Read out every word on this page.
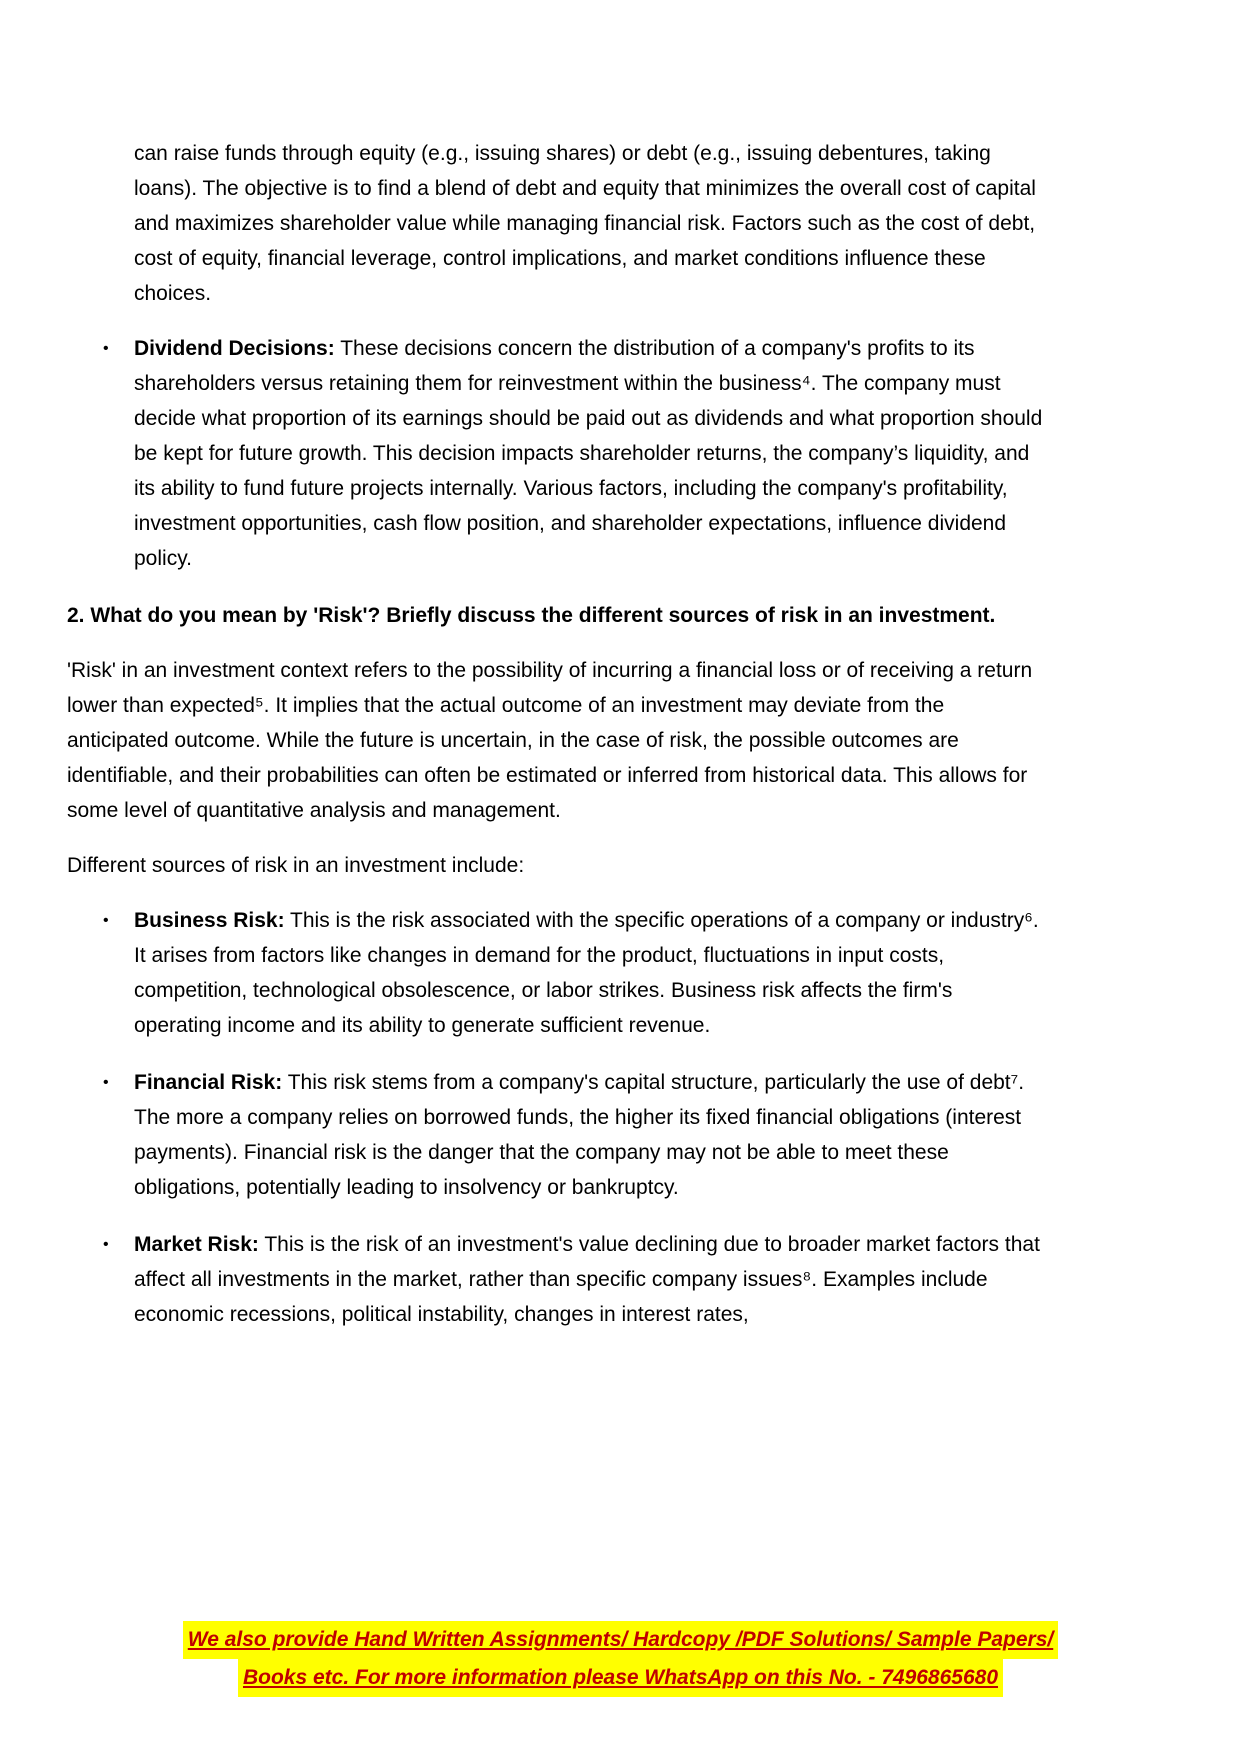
can raise funds through equity (e.g., issuing shares) or debt (e.g., issuing debentures, taking loans). The objective is to find a blend of debt and equity that minimizes the overall cost of capital and maximizes shareholder value while managing financial risk. Factors such as the cost of debt, cost of equity, financial leverage, control implications, and market conditions influence these choices.

• Dividend Decisions: These decisions concern the distribution of a company's profits to its shareholders versus retaining them for reinvestment within the business⁴. The company must decide what proportion of its earnings should be paid out as dividends and what proportion should be kept for future growth. This decision impacts shareholder returns, the company’s liquidity, and its ability to fund future projects internally. Various factors, including the company's profitability, investment opportunities, cash flow position, and shareholder expectations, influence dividend policy.

2. What do you mean by 'Risk'? Briefly discuss the different sources of risk in an investment.

'Risk' in an investment context refers to the possibility of incurring a financial loss or of receiving a return lower than expected⁵. It implies that the actual outcome of an investment may deviate from the anticipated outcome. While the future is uncertain, in the case of risk, the possible outcomes are identifiable, and their probabilities can often be estimated or inferred from historical data. This allows for some level of quantitative analysis and management.

Different sources of risk in an investment include:

• Business Risk: This is the risk associated with the specific operations of a company or industry⁶. It arises from factors like changes in demand for the product, fluctuations in input costs, competition, technological obsolescence, or labor strikes. Business risk affects the firm's operating income and its ability to generate sufficient revenue.
• Financial Risk: This risk stems from a company's capital structure, particularly the use of debt⁷. The more a company relies on borrowed funds, the higher its fixed financial obligations (interest payments). Financial risk is the danger that the company may not be able to meet these obligations, potentially leading to insolvency or bankruptcy.
• Market Risk: This is the risk of an investment's value declining due to broader market factors that affect all investments in the market, rather than specific company issues⁸. Examples include economic recessions, political instability, changes in interest rates,
We also provide Hand Written Assignments/ Hardcopy /PDF Solutions/ Sample Papers/
Books etc. For more information please WhatsApp on this No. - 7496865680
